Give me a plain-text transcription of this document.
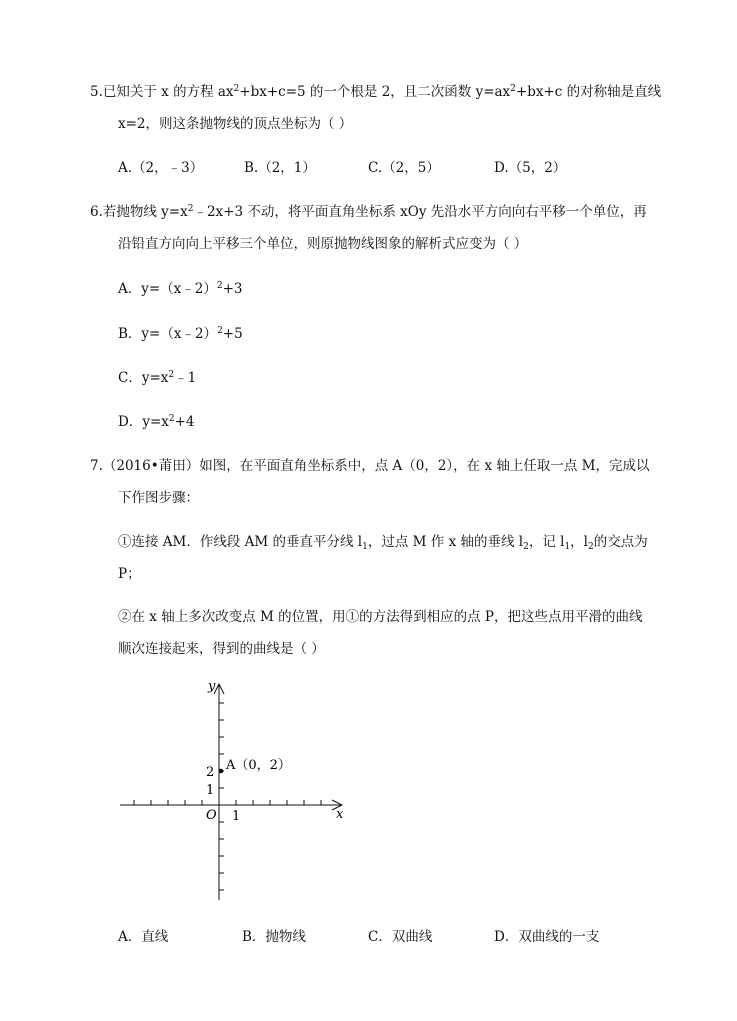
5.已知关于 x 的方程 $ax^2+bx+c=5$ 的一个根是 2，且二次函数 $y=ax^2+bx+c$ 的对称轴是直线
x=2，则这条抛物线的顶点坐标为（ ）
A.（2，﹣3）	B.（2，1）	C.（2，5）	D.（5，2）
6.若抛物线 $y=x^2﹣2x+3$ 不动，将平面直角坐标系 xOy 先沿水平方向向右平移一个单位，再
沿铅直方向向上平移三个单位，则原抛物线图象的解析式应变为（ ）
A．y=（x﹣2）$^2$+3
B．y=（x﹣2）$^2$+5
C．$y=x^2﹣1$
D．$y=x^2+4$
7.（2016•莆田）如图，在平面直角坐标系中，点 A（0，2），在 x 轴上任取一点 M，完成以
下作图步骤：
①连接 AM．作线段 AM 的垂直平分线 $l_1$，过点 M 作 x 轴的垂线 $l_2$，记 $l_1$，$l_2$的交点为
P；
②在 x 轴上多次改变点 M 的位置，用①的方法得到相应的点 P，把这些点用平滑的曲线
顺次连接起来，得到的曲线是（ ）
A（0，2）
x
y
O 1
1
2
A．直线	B．抛物线	C．双曲线	D．双曲线的一支
